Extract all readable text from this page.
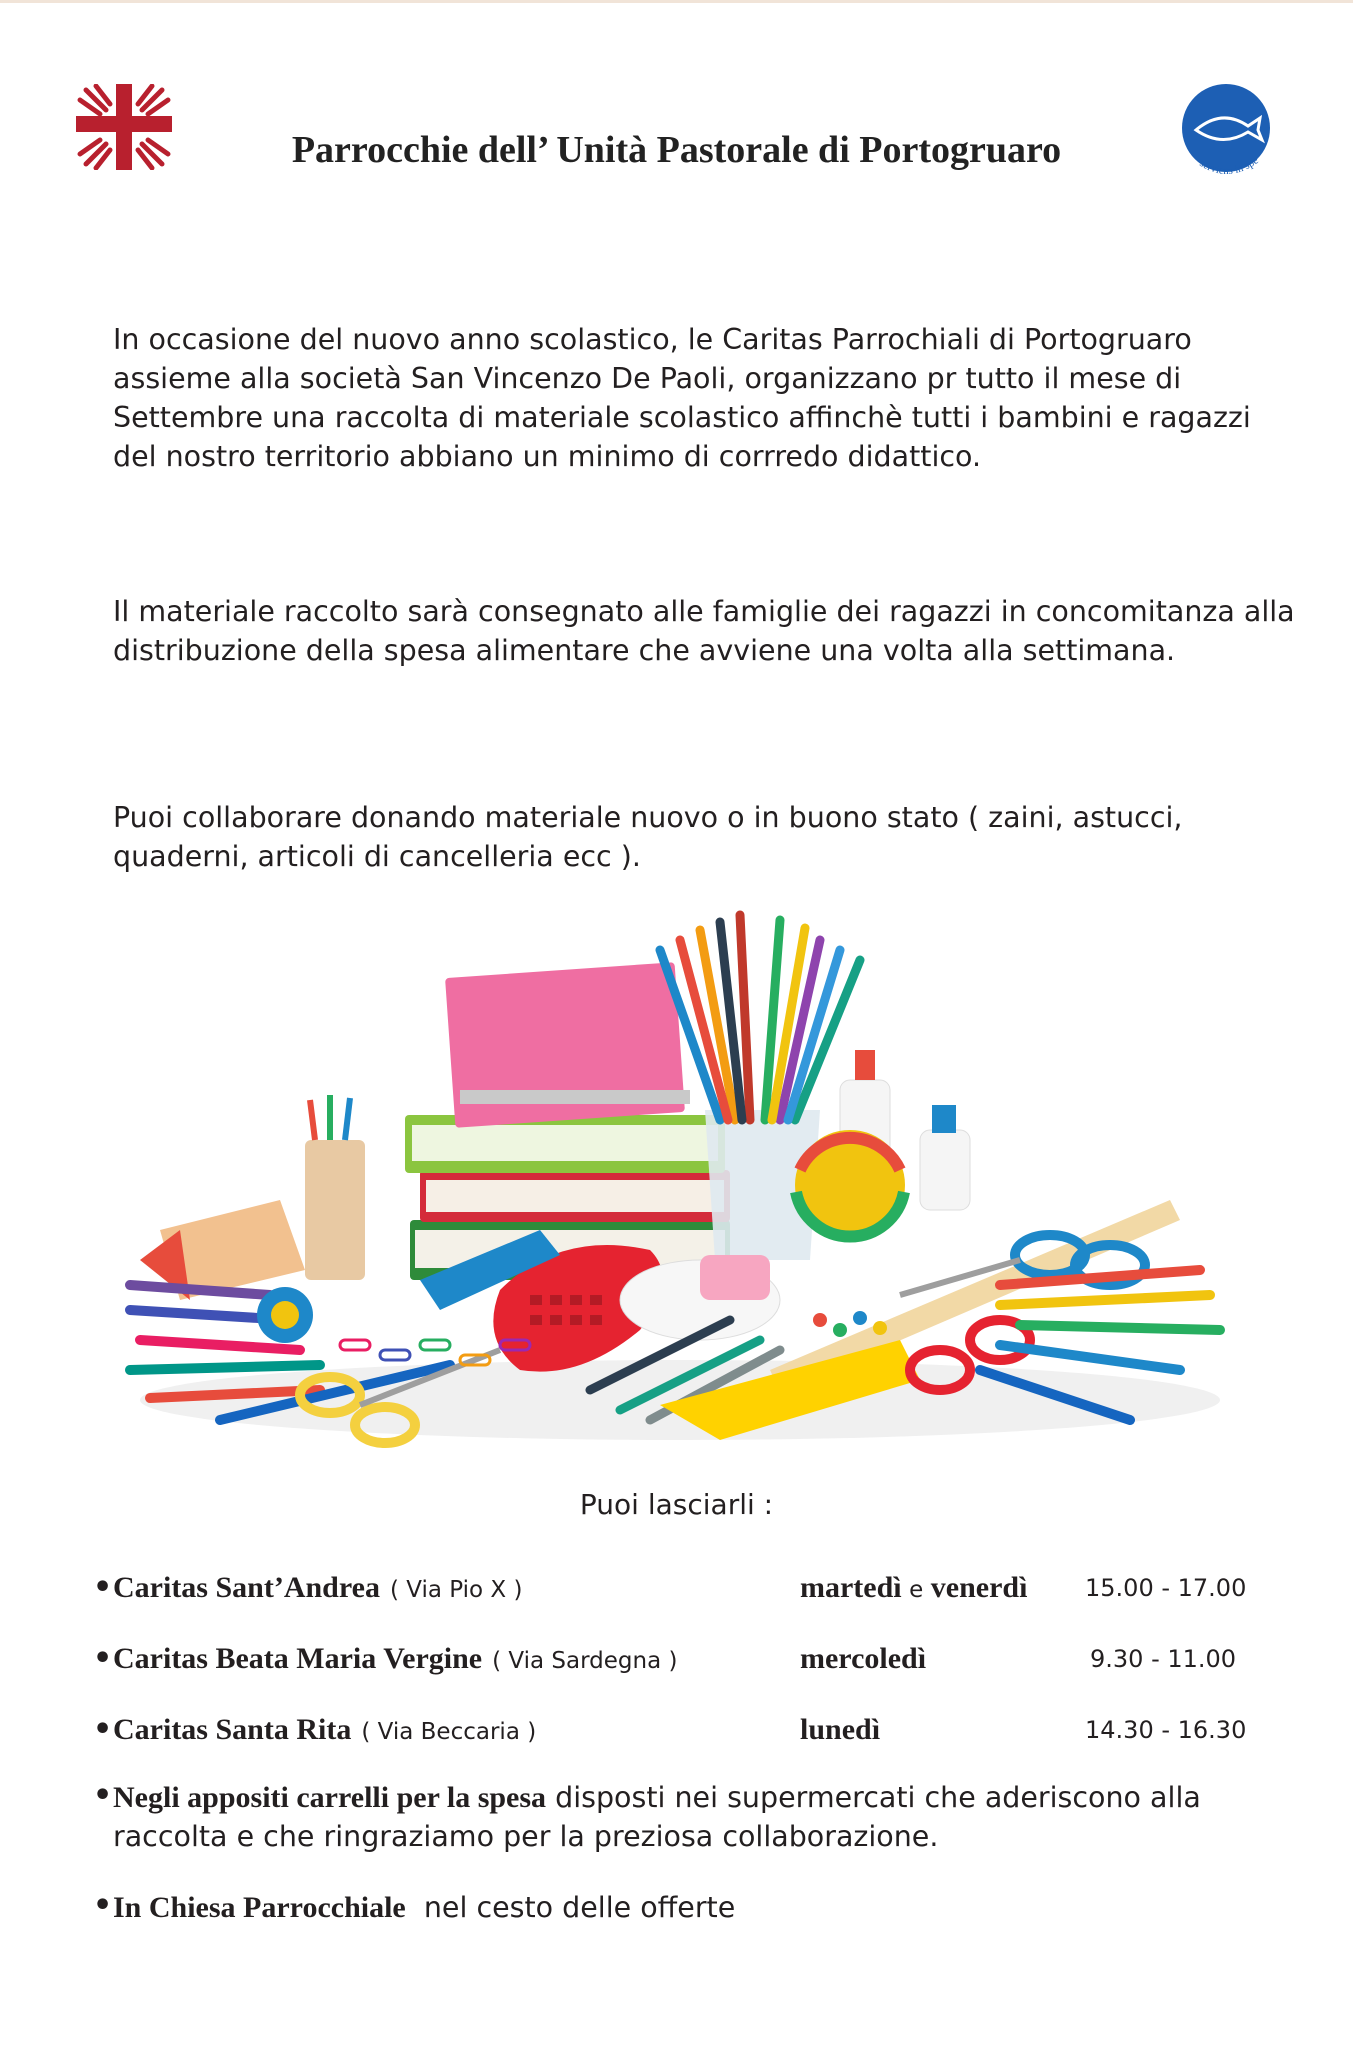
Parrocchie dell’ Unità Pastorale di Portogruaro	serviens in spe
In occasione del nuovo anno scolastico, le Caritas Parrochiali di Portogruaro assieme alla società San Vincenzo De Paoli, organizzano pr tutto il mese di Settembre una raccolta di materiale scolastico affinchè tutti i bambini e ragazzi del nostro territorio abbiano un minimo di corrredo didattico.
Il materiale raccolto sarà consegnato alle famiglie dei ragazzi in concomitanza alla distribuzione della spesa alimentare che avviene una volta alla settimana.
Puoi collaborare donando materiale nuovo o in buono stato ( zaini, astucci, quaderni, articoli di cancelleria ecc ).
Puoi lasciarli :
• Caritas Sant’Andrea ( Via Pio X )	martedì e venerdì 15.00 - 17.00
• Caritas Beata Maria Vergine ( Via Sardegna )	mercoledì	9.30 - 11.00
• Caritas Santa Rita ( Via Beccaria )	lunedì	14.30 - 16.30
• Negli appositi carrelli per la spesa disposti nei supermercati che aderiscono alla raccolta e che ringraziamo per la preziosa collaborazione.
• In Chiesa Parrocchiale  nel cesto delle offerte
